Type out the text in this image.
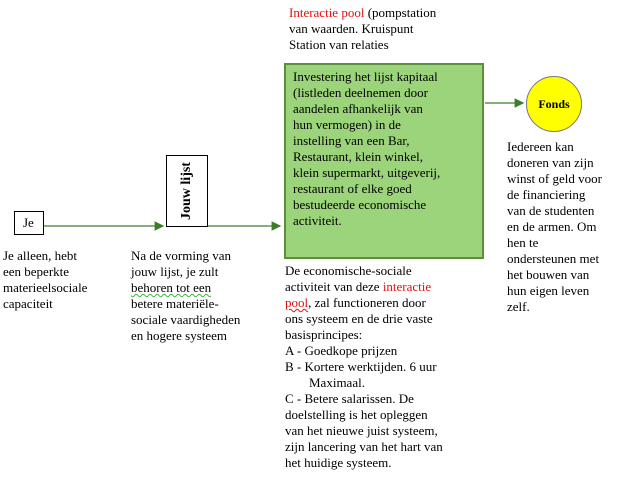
Interactie pool (pompstation
van waarden. Kruispunt
Station van relaties
Investering het lijst kapitaal
(listleden deelnemen door
aandelen afhankelijk van
hun vermogen) in de
instelling van een Bar,
Restaurant, klein winkel,
klein supermarkt, uitgeverij,
restaurant of elke goed
bestudeerde economische
activiteit.
Fonds
Iedereen kan
doneren van zijn
winst of geld voor
de financiering
van de studenten
en de armen. Om
hen te
ondersteunen met
het bouwen van
hun eigen leven
zelf.
Je
Je alleen, hebt
een beperkte
materieelsociale
capaciteit
Jouw lijst
Na de vorming van
jouw lijst, je zult
behoren tot een
betere materiële-
sociale vaardigheden
en hogere systeem
De economische-sociale
activiteit van deze interactie
pool, zal functioneren door
ons systeem en de drie vaste
basisprincipes:
A - Goedkope prijzen
B - Kortere werktijden. 6 uur
Maximaal.
C - Betere salarissen. De
doelstelling is het opleggen
van het nieuwe juist systeem,
zijn lancering van het hart van
het huidige systeem.
